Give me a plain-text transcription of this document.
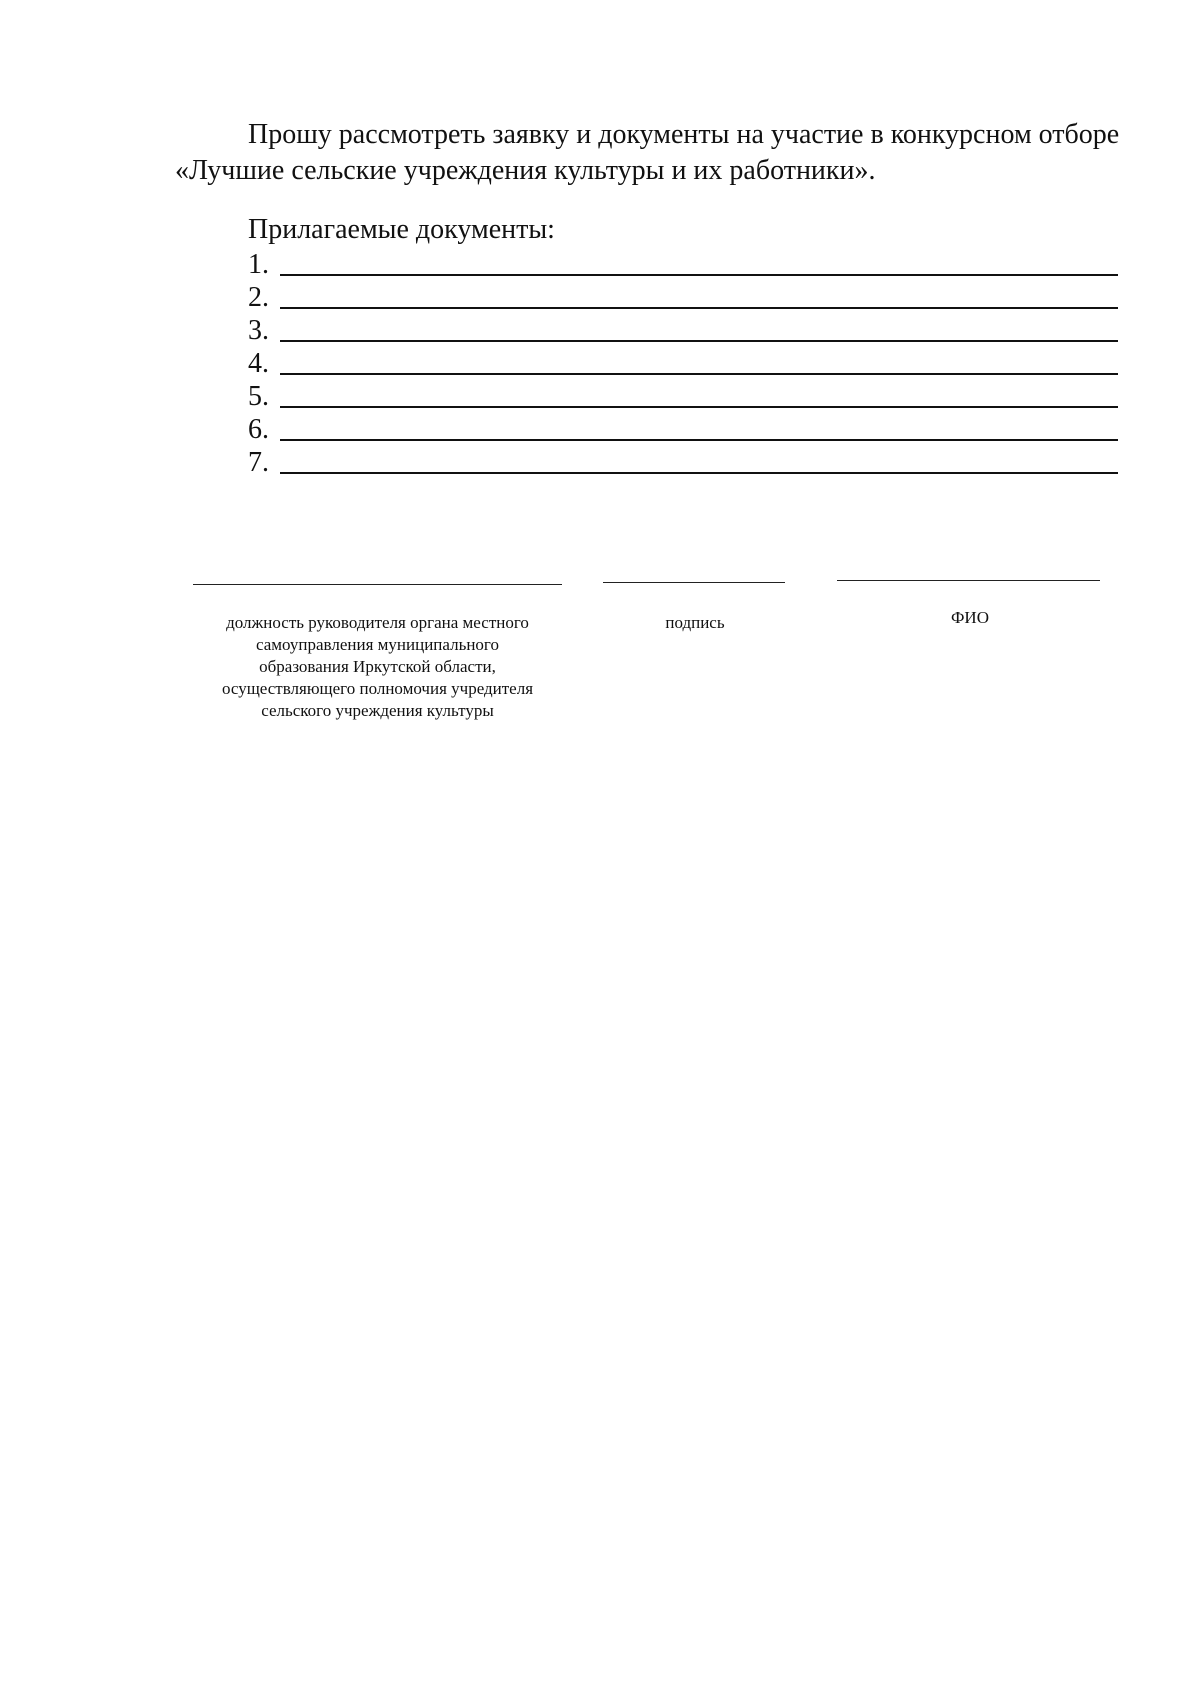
Прошу рассмотреть заявку и документы на участие в конкурсном отборе
«Лучшие сельские учреждения культуры и их работники».

Прилагаемые документы:

1.
2.
3.
4.
5.
6.
7.

должность руководителя органа местного
самоуправления муниципального
образования Иркутской области,
осуществляющего полномочия учредителя
сельского учреждения культуры

подпись	ФИО
